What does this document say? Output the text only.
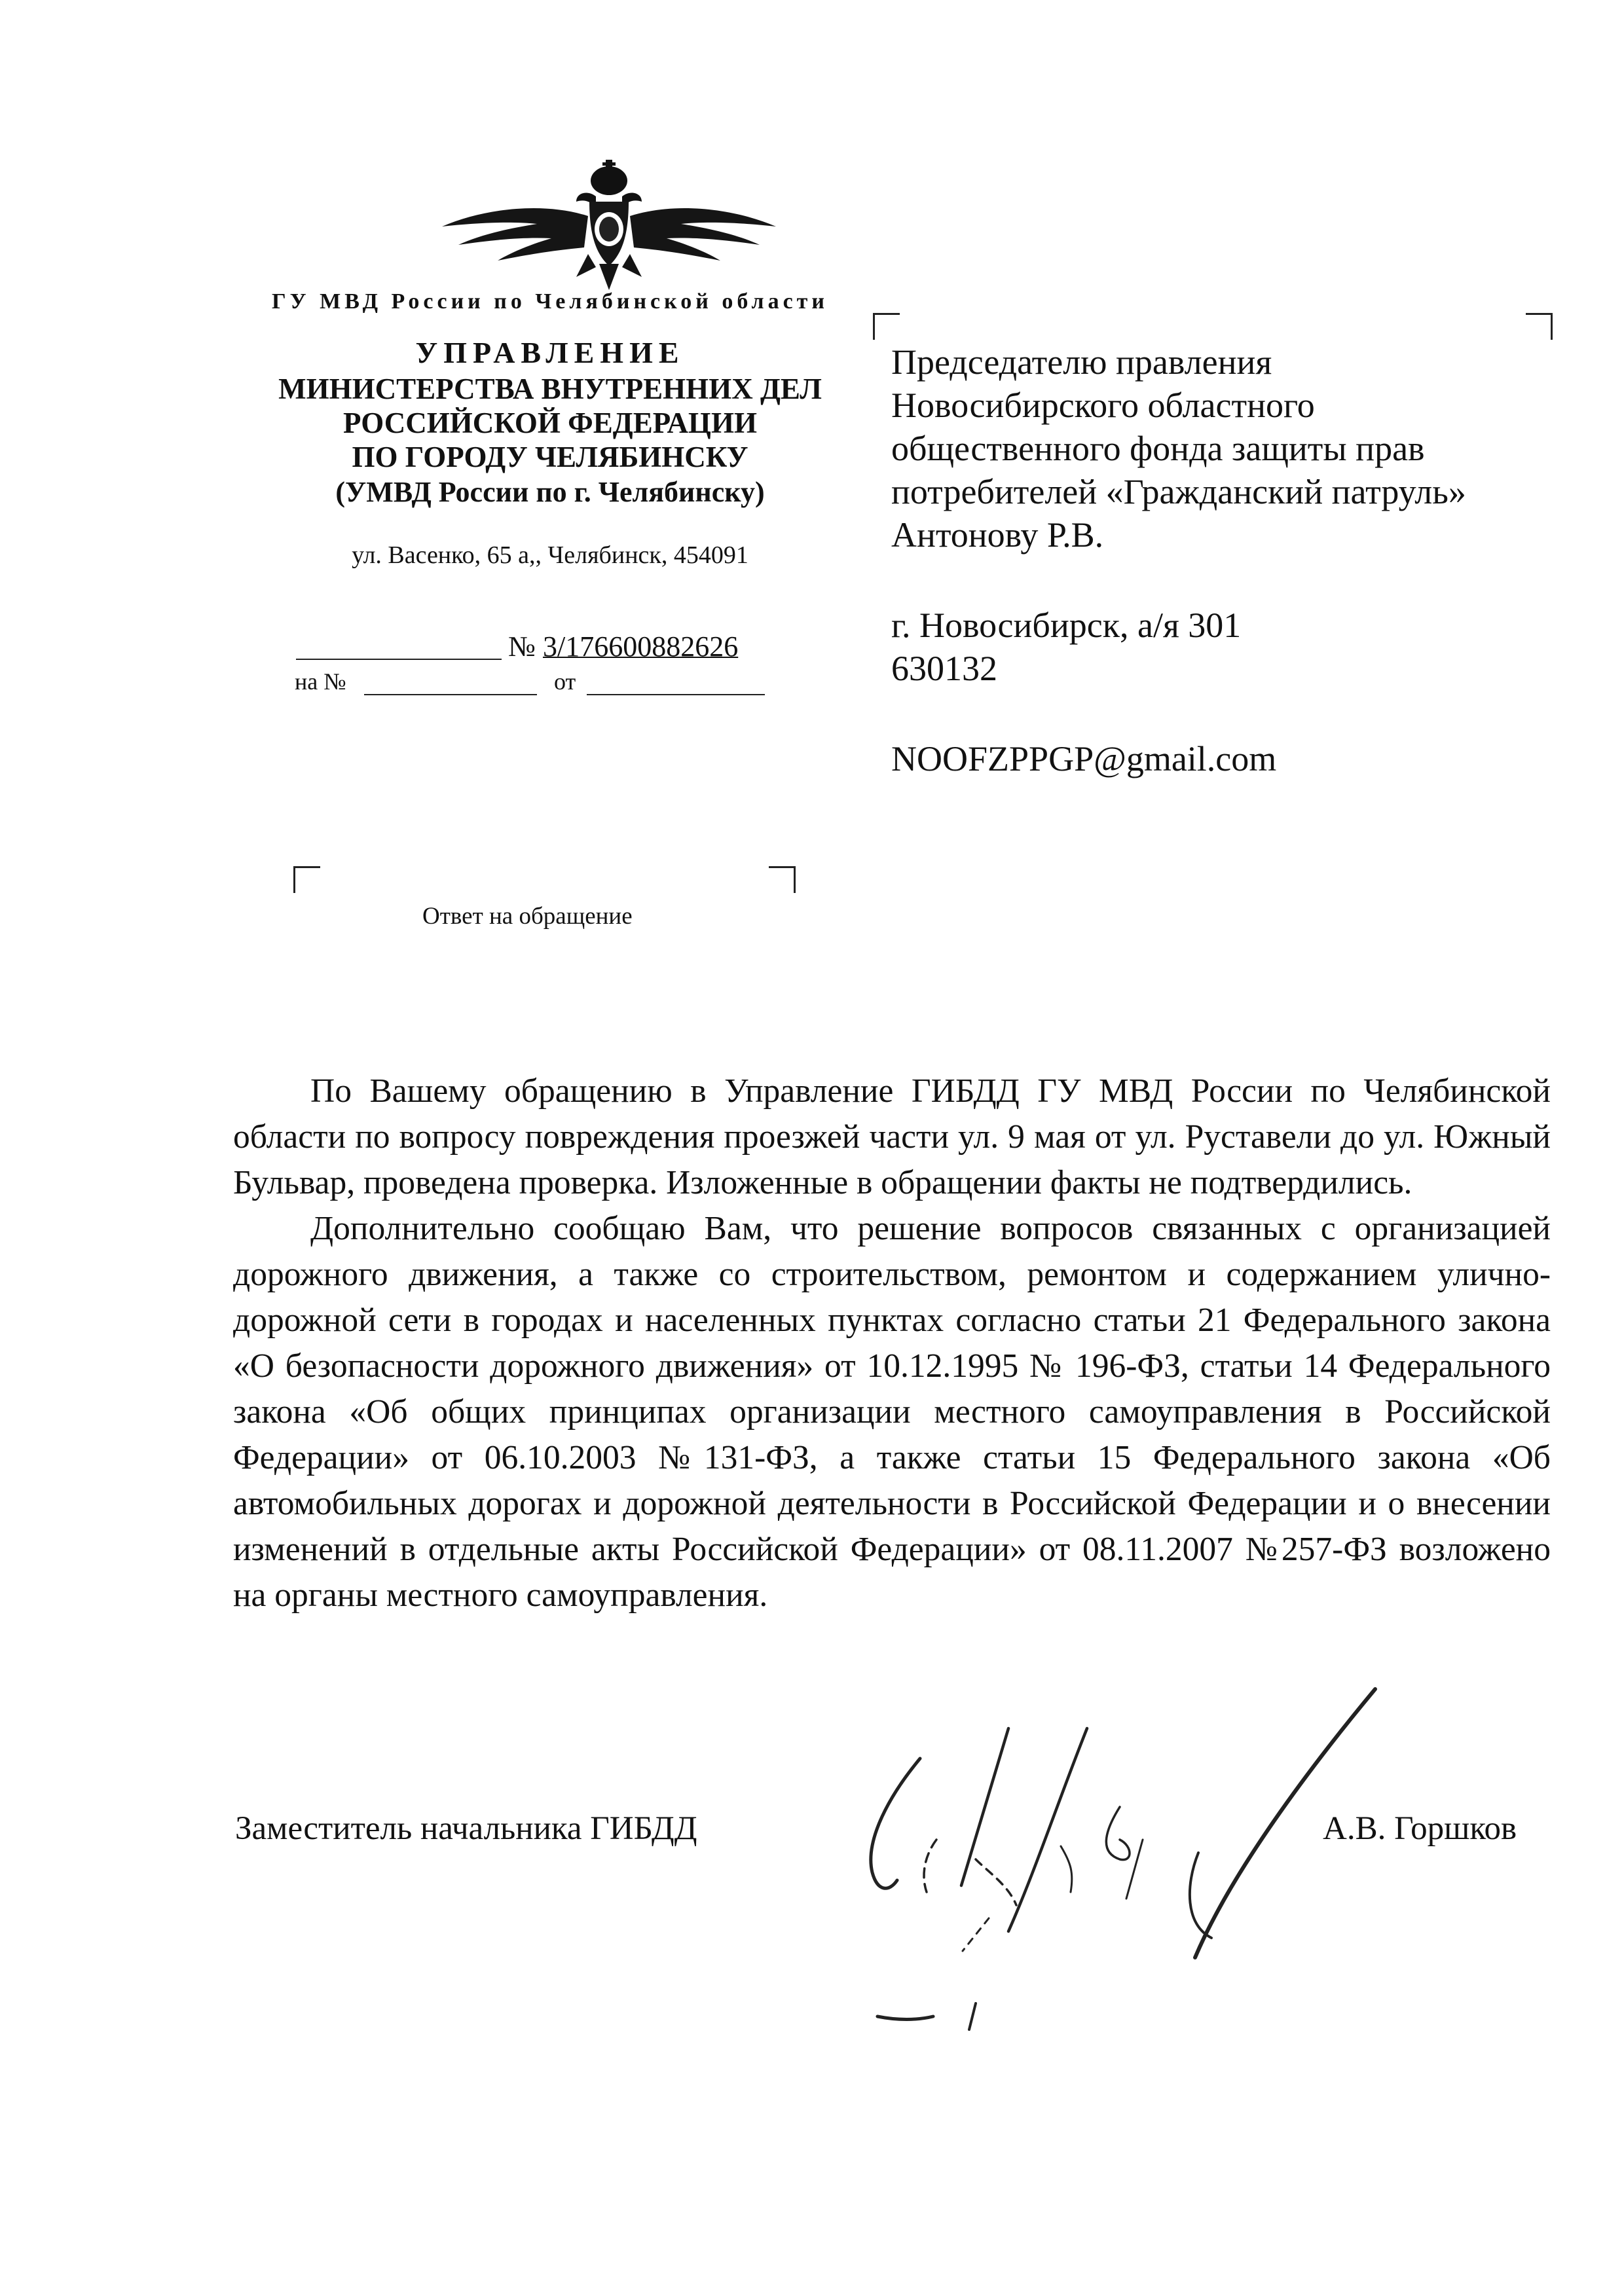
ГУ МВД России по Челябинской области
УПРАВЛЕНИЕ
МИНИСТЕРСТВА ВНУТРЕННИХ ДЕЛ
РОССИЙСКОЙ ФЕДЕРАЦИИ
ПО ГОРОДУ ЧЕЛЯБИНСКУ
(УМВД России по г. Челябинску)
ул. Васенко, 65 а,, Челябинск, 454091
№ 3/176600882626
на №	от
Ответ на обращение
Председателю правления
Новосибирского областного
общественного фонда защиты прав
потребителей «Гражданский патруль»
Антонову Р.В.
г. Новосибирск, а/я 301
630132
NOOFZPPGP@gmail.com

По Вашему обращению в Управление ГИБДД ГУ МВД России по Челябинской области по вопросу повреждения проезжей части ул. 9 мая от ул. Руставели до ул. Южный Бульвар, проведена проверка. Изложенные в обращении факты не подтвердились.

Дополнительно сообщаю Вам, что решение вопросов связанных с организацией дорожного движения, а также со строительством, ремонтом и содержанием улично-дорожной сети в городах и населенных пунктах согласно статьи 21 Федерального закона «О безопасности дорожного движения» от 10.12.1995 № 196-ФЗ, статьи 14 Федерального закона «Об общих принципах организации местного самоуправления в Российской Федерации» от 06.10.2003 №131-ФЗ, а также статьи 15 Федерального закона «Об автомобильных дорогах и дорожной деятельности в Российской Федерации и о внесении изменений в отдельные акты Российской Федерации» от 08.11.2007 №257-ФЗ возложено на органы местного самоуправления.

Заместитель начальника ГИБДД	А.В. Горшков
